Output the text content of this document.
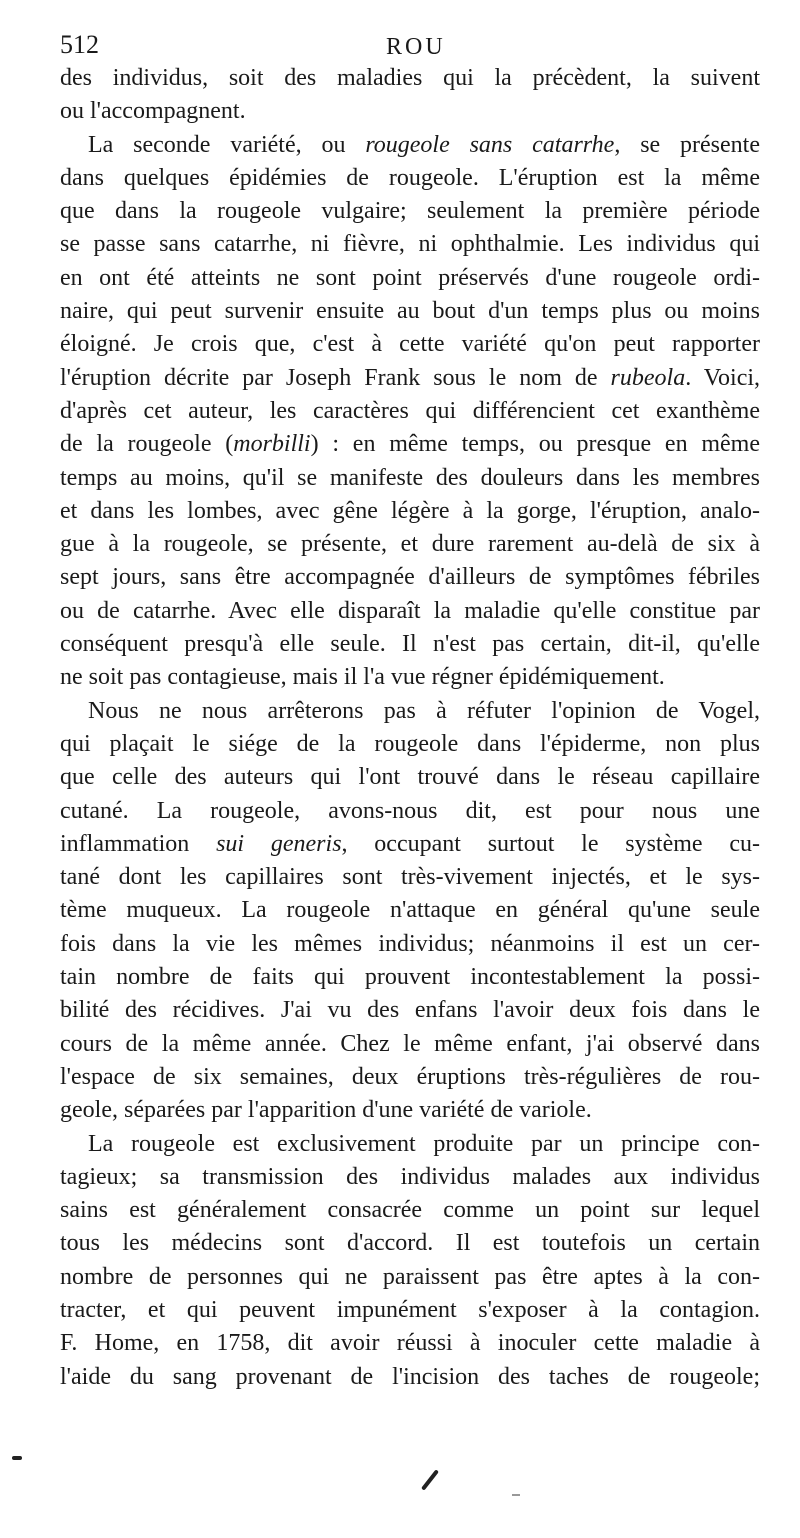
512	ROU
des individus, soit des maladies qui la précèdent, la suivent
ou l'accompagnent.
La seconde variété, ou rougeole sans catarrhe, se présente
dans quelques épidémies de rougeole. L'éruption est la même
que dans la rougeole vulgaire; seulement la première période
se passe sans catarrhe, ni fièvre, ni ophthalmie. Les individus qui
en ont été atteints ne sont point préservés d'une rougeole ordi-
naire, qui peut survenir ensuite au bout d'un temps plus ou moins
éloigné. Je crois que, c'est à cette variété qu'on peut rapporter
l'éruption décrite par Joseph Frank sous le nom de rubeola. Voici,
d'après cet auteur, les caractères qui différencient cet exanthème
de la rougeole (morbilli) : en même temps, ou presque en même
temps au moins, qu'il se manifeste des douleurs dans les membres
et dans les lombes, avec gêne légère à la gorge, l'éruption, analo-
gue à la rougeole, se présente, et dure rarement au-delà de six à
sept jours, sans être accompagnée d'ailleurs de symptômes fébriles
ou de catarrhe. Avec elle disparaît la maladie qu'elle constitue par
conséquent presqu'à elle seule. Il n'est pas certain, dit-il, qu'elle
ne soit pas contagieuse, mais il l'a vue régner épidémiquement.
Nous ne nous arrêterons pas à réfuter l'opinion de Vogel,
qui plaçait le siége de la rougeole dans l'épiderme, non plus
que celle des auteurs qui l'ont trouvé dans le réseau capillaire
cutané. La rougeole, avons-nous dit, est pour nous une
inflammation sui generis, occupant surtout le système cu-
tané dont les capillaires sont très-vivement injectés, et le sys-
tème muqueux. La rougeole n'attaque en général qu'une seule
fois dans la vie les mêmes individus; néanmoins il est un cer-
tain nombre de faits qui prouvent incontestablement la possi-
bilité des récidives. J'ai vu des enfans l'avoir deux fois dans le
cours de la même année. Chez le même enfant, j'ai observé dans
l'espace de six semaines, deux éruptions très-régulières de rou-
geole, séparées par l'apparition d'une variété de variole.
La rougeole est exclusivement produite par un principe con-
tagieux; sa transmission des individus malades aux individus
sains est généralement consacrée comme un point sur lequel
tous les médecins sont d'accord. Il est toutefois un certain
nombre de personnes qui ne paraissent pas être aptes à la con-
tracter, et qui peuvent impunément s'exposer à la contagion.
F. Home, en 1758, dit avoir réussi à inoculer cette maladie à
l'aide du sang provenant de l'incision des taches de rougeole;
